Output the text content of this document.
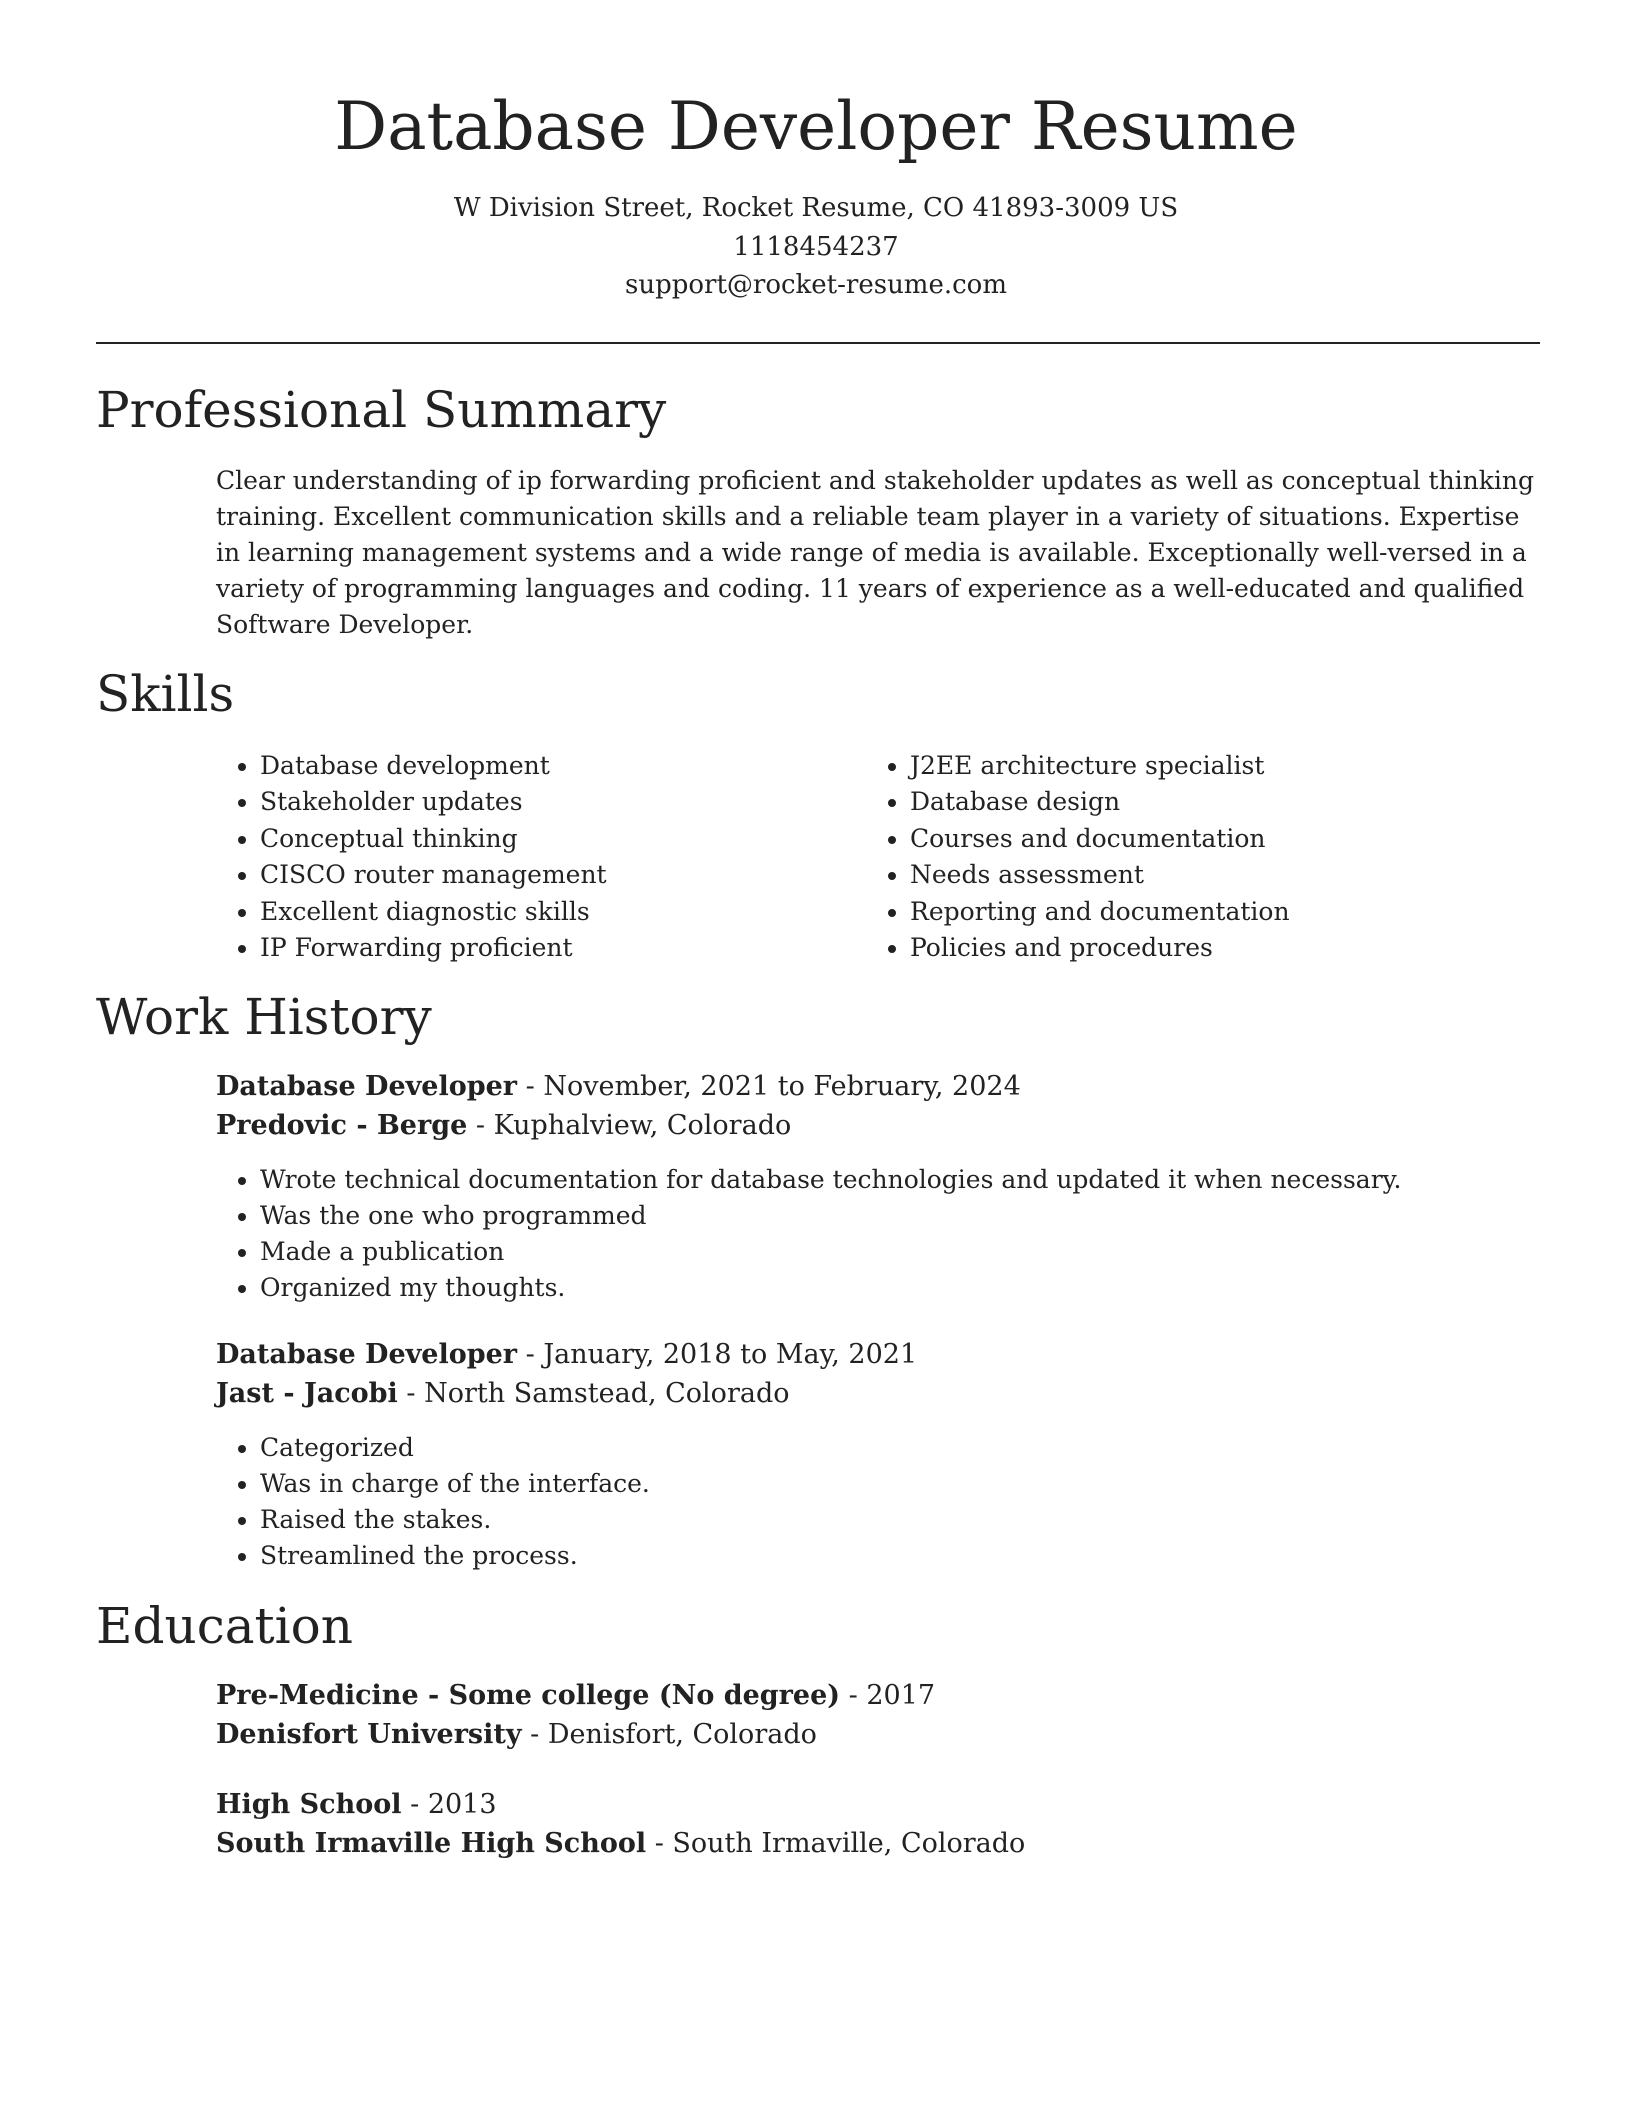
Database Developer Resume
W Division Street, Rocket Resume, CO 41893-3009 US
1118454237
support@rocket-resume.com
Professional Summary

Clear understanding of ip forwarding proficient and stakeholder updates as well as conceptual thinking training. Excellent communication skills and a reliable team player in a variety of situations. Expertise in learning management systems and a wide range of media is available. Exceptionally well-versed in a variety of programming languages and coding. 11 years of experience as a well-educated and qualified Software Developer.

Skills
• Database development
• Stakeholder updates
• Conceptual thinking
• CISCO router management
• Excellent diagnostic skills
• IP Forwarding proficient
• J2EE architecture specialist
• Database design
• Courses and documentation
• Needs assessment
• Reporting and documentation
• Policies and procedures
Work History
Database Developer - November, 2021 to February, 2024
Predovic - Berge - Kuphalview, Colorado
• Wrote technical documentation for database technologies and updated it when necessary.
• Was the one who programmed
• Made a publication
• Organized my thoughts.
Database Developer - January, 2018 to May, 2021
Jast - Jacobi - North Samstead, Colorado
• Categorized
• Was in charge of the interface.
• Raised the stakes.
• Streamlined the process.
Education
Pre-Medicine - Some college (No degree) - 2017
Denisfort University - Denisfort, Colorado
High School - 2013
South Irmaville High School - South Irmaville, Colorado
